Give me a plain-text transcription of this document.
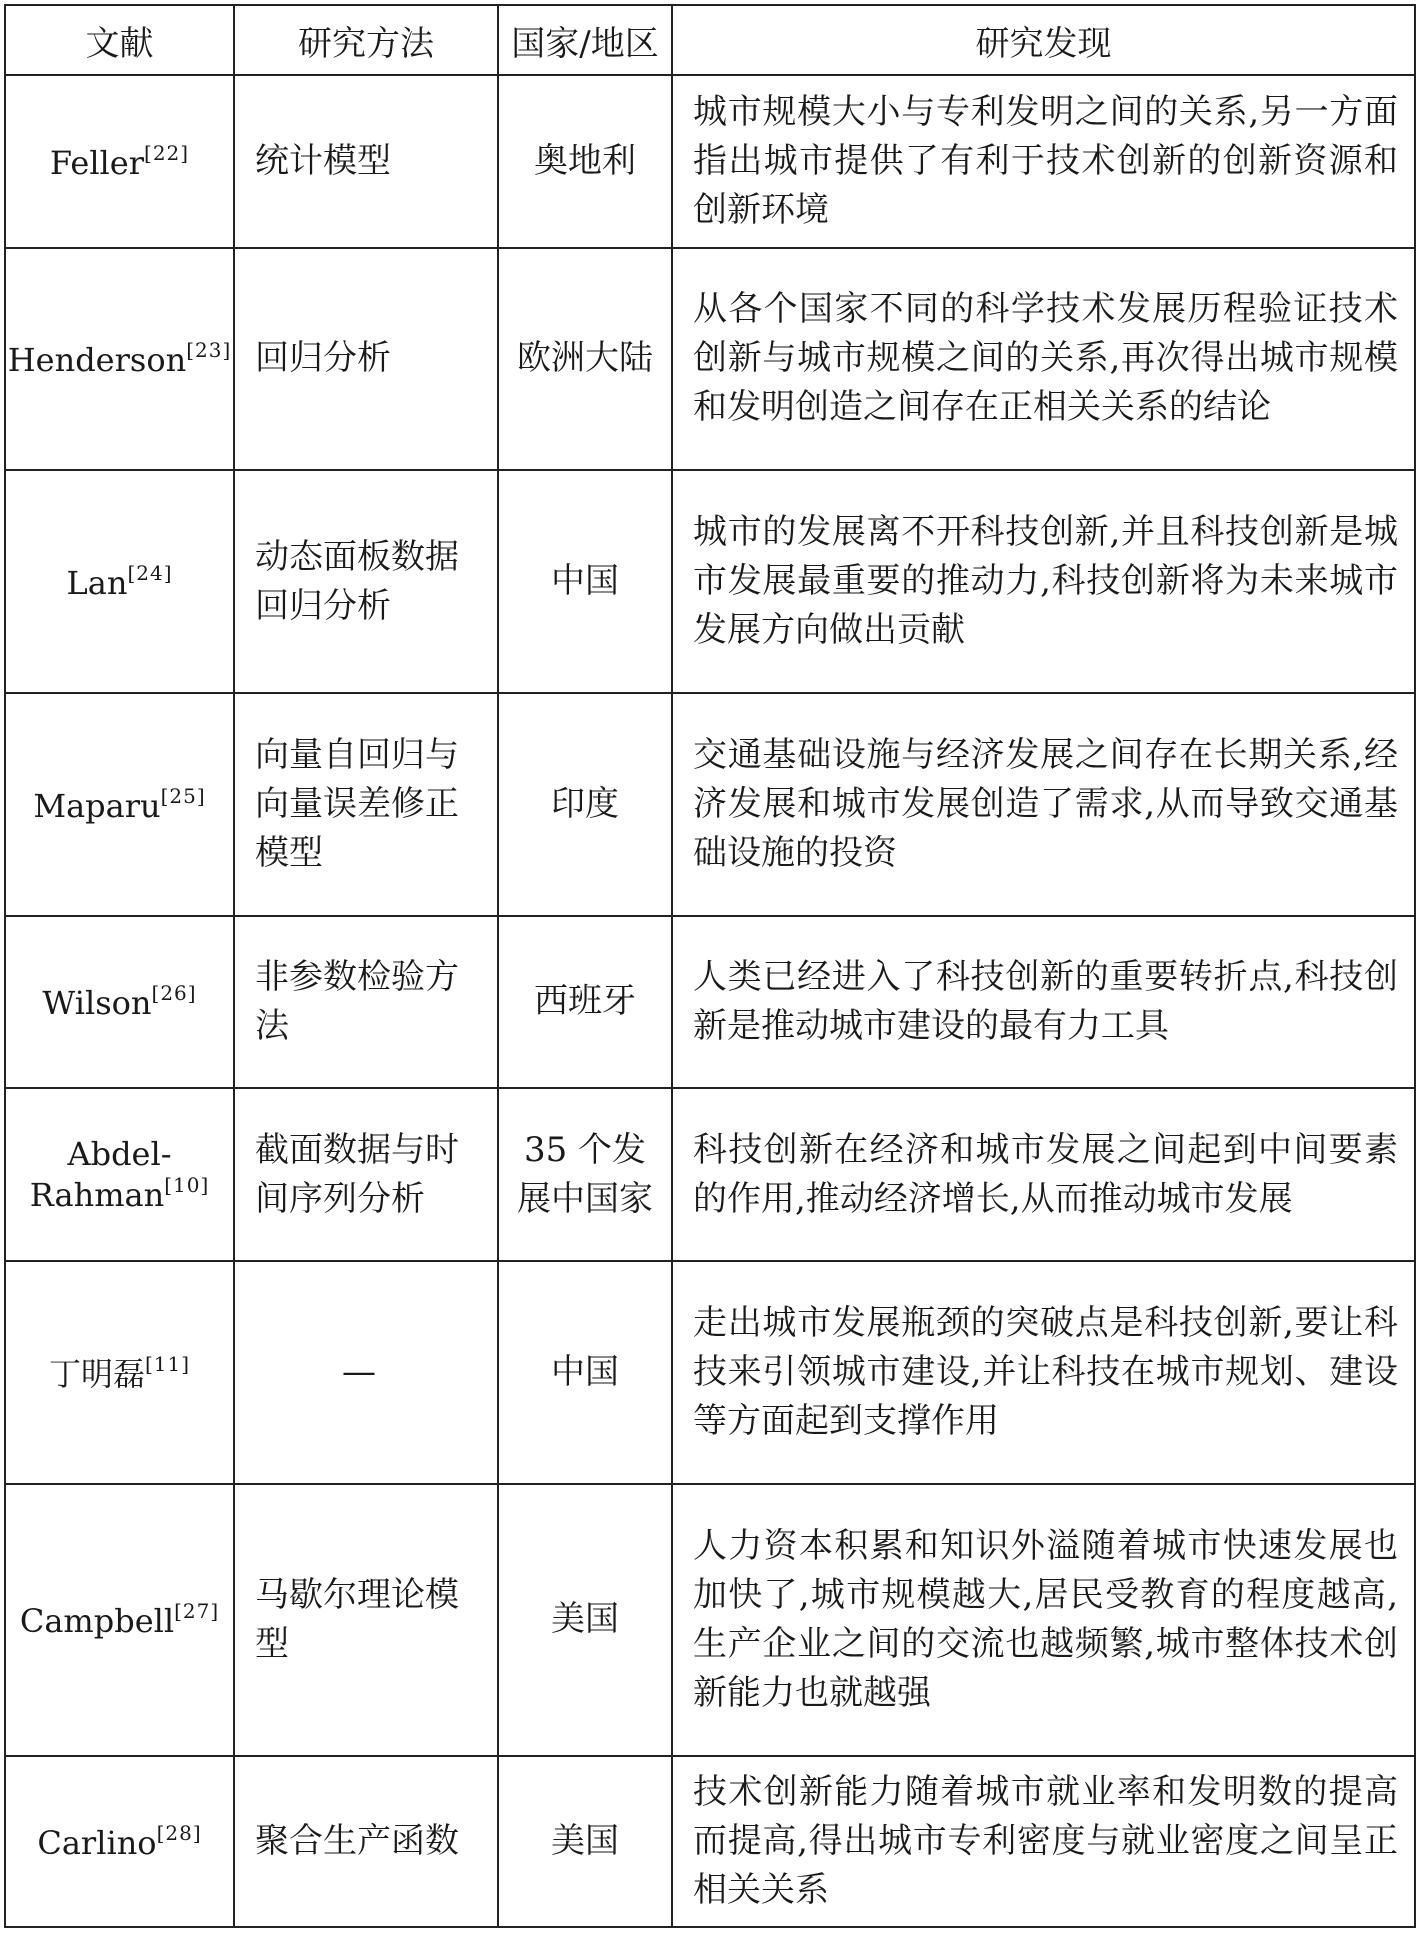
文献	研究方法	国家/地区	研究发现
Feller[22]	统计模型	奥地利	城市规模大小与专利发明之间的关系,另一方面指出城市提供了有利于技术创新的创新资源和创新环境
Henderson[23]	回归分析	欧洲大陆	从各个国家不同的科学技术发展历程验证技术创新与城市规模之间的关系,再次得出城市规模和发明创造之间存在正相关关系的结论
Lan[24]	动态面板数据回归分析	中国	城市的发展离不开科技创新,并且科技创新是城市发展最重要的推动力,科技创新将为未来城市发展方向做出贡献
Maparu[25]	向量自回归与向量误差修正模型	印度	交通基础设施与经济发展之间存在长期关系,经济发展和城市发展创造了需求,从而导致交通基础设施的投资
Wilson[26]	非参数检验方法	西班牙	人类已经进入了科技创新的重要转折点,科技创新是推动城市建设的最有力工具
Abdel-Rahman[10]	截面数据与时间序列分析	35 个发展中国家	科技创新在经济和城市发展之间起到中间要素的作用,推动经济增长,从而推动城市发展
丁明磊[11]	—	中国	走出城市发展瓶颈的突破点是科技创新,要让科技来引领城市建设,并让科技在城市规划、建设等方面起到支撑作用
Campbell[27]	马歇尔理论模型	美国	人力资本积累和知识外溢随着城市快速发展也加快了,城市规模越大,居民受教育的程度越高,生产企业之间的交流也越频繁,城市整体技术创新能力也就越强
Carlino[28]	聚合生产函数	美国	技术创新能力随着城市就业率和发明数的提高而提高,得出城市专利密度与就业密度之间呈正相关关系
